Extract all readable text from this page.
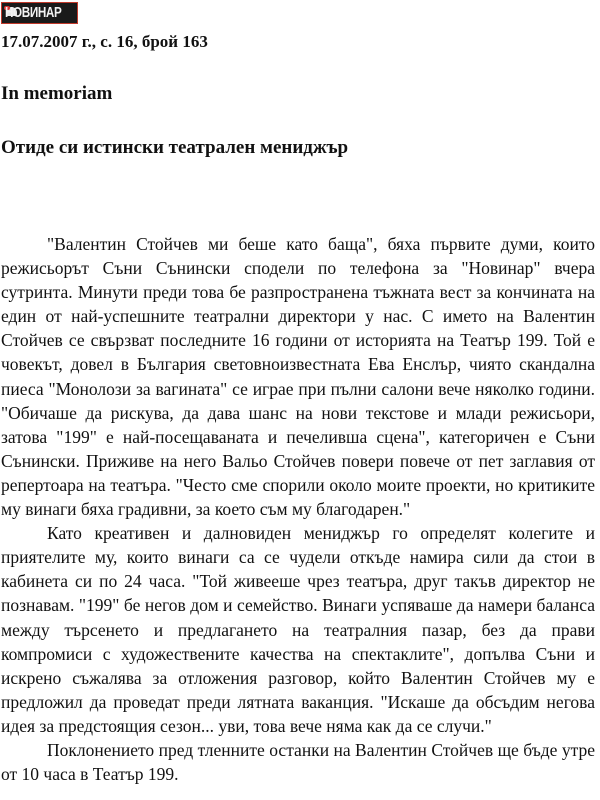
НОВИНАР
17.07.2007 г., с. 16, брой 163
In memoriam
Отиде си истински театрален мениджър

"Валентин Стойчев ми беше като баща", бяха първите думи, които режисьорът Съни Сънински сподели по телефона за "Новинар" вчера сутринта. Минути преди това бе разпространена тъжната вест за кончината на един от най-успешните театрални директори у нас. С името на Валентин Стойчев се свързват последните 16 години от историята на Театър 199. Той е човекът, довел в България световноизвестната Ева Енслър, чиято скандална пиеса "Монолози за вагината" се играе при пълни салони вече няколко години. "Обичаше да рискува, да дава шанс на нови текстове и млади режисьори, затова "199" е най-посещаваната и печеливша сцена", категоричен е Съни Сънински. Приживе на него Вальо Стойчев повери повече от пет заглавия от репертоара на театъра. "Често сме спорили около моите проекти, но критиките му винаги бяха градивни, за което съм му благодарен."

Като креативен и далновиден мениджър го определят колегите и приятелите му, които винаги са се чудели откъде намира сили да стои в кабинета си по 24 часа. "Той живееше чрез театъра, друг такъв директор не познавам. "199" бе негов дом и семейство. Винаги успяваше да намери баланса между търсенето и предлагането на театралния пазар, без да прави компромиси с художествените качества на спектаклите", допълва Съни и искрено съжалява за отложения разговор, който Валентин Стойчев му е предложил да проведат преди лятната ваканция. "Искаше да обсъдим негова идея за предстоящия сезон... уви, това вече няма как да се случи."

Поклонението пред тленните останки на Валентин Стойчев ще бъде утре от 10 часа в Театър 199.
